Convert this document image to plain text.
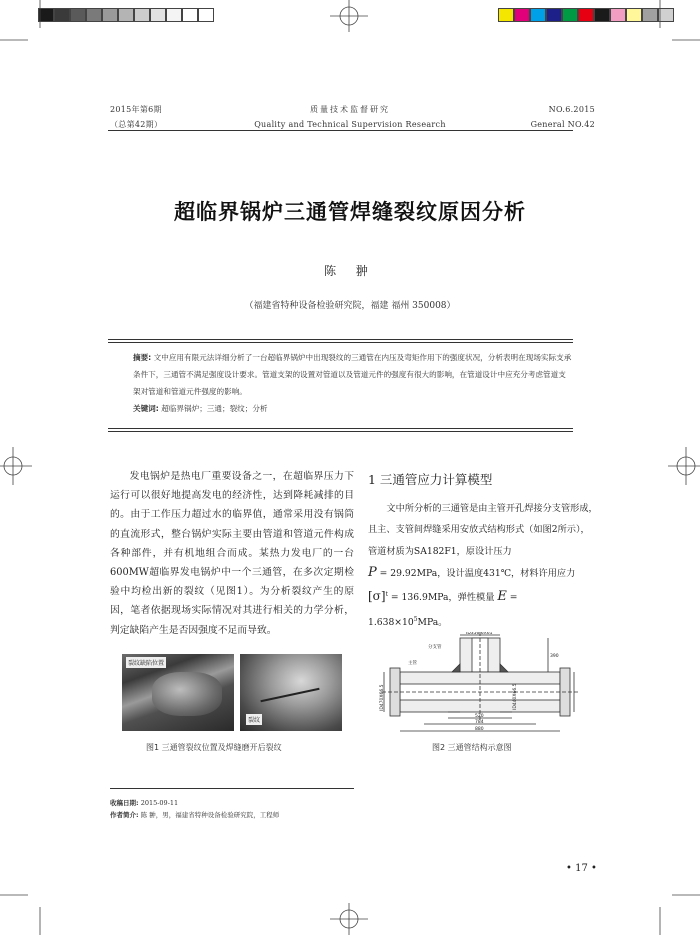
2015年第6期
（总第42期）
质量技术监督研究
Quality and Technical Supervision Research
NO.6.2015
General NO.42
超临界锅炉三通管焊缝裂纹原因分析
陈 翀
（福建省特种设备检验研究院，福建 福州 350008）
摘要: 文中应用有限元法详细分析了一台超临界锅炉中出现裂纹的三通管在内压及弯矩作用下的强度状况，分析表明在现场实际支承条件下，三通管不满足强度设计要求。管道支架的设置对管道以及管道元件的强度有很大的影响，在管道设计中应充分考虑管道支架对管道和管道元件强度的影响。
关键词: 超临界锅炉；三通；裂纹；分析
发电锅炉是热电厂重要设备之一，在超临界压力下运行可以很好地提高发电的经济性，达到降耗减排的目的。由于工作压力超过水的临界值，通常采用没有锅筒的直流形式，整台锅炉实际主要由管道和管道元件构成各种部件，并有机地组合而成。某热力发电厂的一台600MW超临界发电锅炉中一个三通管，在多次定期检验中均检出新的裂纹（见图1）。为分析裂纹产生的原因，笔者依据现场实际情况对其进行相关的力学分析，判定缺陷产生是否因强度不足而导致。
裂纹缺陷位置
裂纹
图1 三通管裂纹位置及焊缝磨开后裂纹
1 三通管应力计算模型
文中所分析的三通管是由主管开孔焊接分支管形成，且主、支管间焊缝采用安放式结构形式（如图2所示），管道材质为SA182F1，原设计压力
P = 29.92MPa，设计温度431℃，材料许用应力
$[\sigma]^t = 136.9MPa$，弹性模量 $E = 1.638\times 10^5MPa$。
ID356.6X61
分支管
主管
390
ID470X66.5	ID440X66.5
520
784
880
图2 三通管结构示意图
收稿日期: 2015-09-11
作者简介: 陈 翀，男，福建省特种设备检验研究院，工程师
• 17 •
